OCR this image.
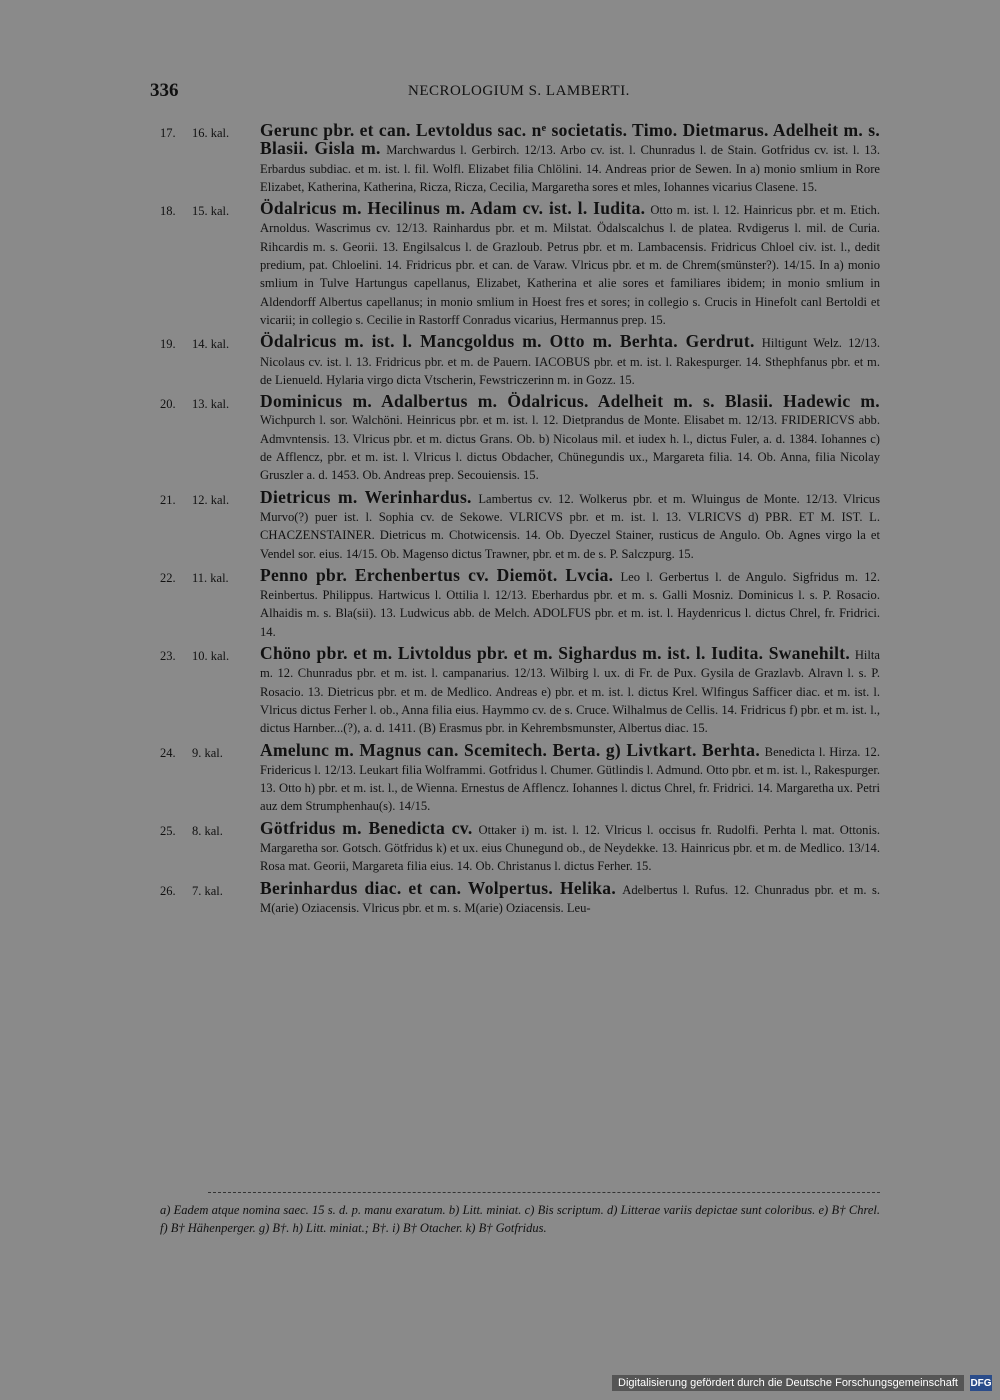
336	NECROLOGIUM S. LAMBERTI.
17.	16. kal.	Gerunc pbr. et can. Levtoldus sac. nᵉ societatis. Timo. Dietmarus. Adelheit m. s. Blasii. Gisla m. Marchwardus l. Gerbirch. 12/13. Arbo cv. ist. l. Chunradus l. de Stain. Gotfridus cv. ist. l. 13. Erbardus subdiac. et m. ist. l. fil. Wolfl. Elizabet filia Chlölini. 14. Andreas prior de Sewen. In a) monio smlium in Rore Elizabet, Katherina, Katherina, Ricza, Ricza, Cecilia, Margaretha sores et mles, Iohannes vicarius Clasene. 15.
18.	15. kal.	Ödalricus m. Hecilinus m. Adam cv. ist. l. Iudita. Otto m. ist. l. 12. Hainricus pbr. et m. Etich. Arnoldus. Wascrimus cv. 12/13. Rainhardus pbr. et m. Milstat. Ödalscalchus l. de platea. Rvdigerus l. mil. de Curia. Rihcardis m. s. Georii. 13. Engilsalcus l. de Grazloub. Petrus pbr. et m. Lambacensis. Fridricus Chloel civ. ist. l., dedit predium, pat. Chloelini. 14. Fridricus pbr. et can. de Varaw. Vlricus pbr. et m. de Chrem(smünster?). 14/15. In a) monio smlium in Tulve Hartungus capellanus, Elizabet, Katherina et alie sores et familiares ibidem; in monio smlium in Aldendorff Albertus capellanus; in monio smlium in Hoest fres et sores; in collegio s. Crucis in Hinefolt canl Bertoldi et vicarii; in collegio s. Cecilie in Rastorff Conradus vicarius, Hermannus prep. 15.
19.	14. kal.	Ödalricus m. ist. l. Mancgoldus m. Otto m. Berhta. Gerdrut. Hiltigunt Welz. 12/13. Nicolaus cv. ist. l. 13. Fridricus pbr. et m. de Pauern. IACOBUS pbr. et m. ist. l. Rakespurger. 14. Sthephfanus pbr. et m. de Lienueld. Hylaria virgo dicta Vtscherin, Fewstriczerinn m. in Gozz. 15.
20.	13. kal.	Dominicus m. Adalbertus m. Ödalricus. Adelheit m. s. Blasii. Hadewic m. Wichpurch l. sor. Walchöni. Heinricus pbr. et m. ist. l. 12. Dietprandus de Monte. Elisabet m. 12/13. FRIDERICVS abb. Admvntensis. 13. Vlricus pbr. et m. dictus Grans. Ob. b) Nicolaus mil. et iudex h. l., dictus Fuler, a. d. 1384. Iohannes c) de Afflencz, pbr. et m. ist. l. Vlricus l. dictus Obdacher, Chünegundis ux., Margareta filia. 14. Ob. Anna, filia Nicolay Gruszler a. d. 1453. Ob. Andreas prep. Secouiensis. 15.
21.	12. kal.	Dietricus m. Werinhardus. Lambertus cv. 12. Wolkerus pbr. et m. Wluingus de Monte. 12/13. Vlricus Murvo(?) puer ist. l. Sophia cv. de Sekowe. VLRICVS pbr. et m. ist. l. 13. VLRICVS d) PBR. ET M. IST. L. CHACZENSTAINER. Dietricus m. Chotwicensis. 14. Ob. Dyeczel Stainer, rusticus de Angulo. Ob. Agnes virgo la et Vendel sor. eius. 14/15. Ob. Magenso dictus Trawner, pbr. et m. de s. P. Salczpurg. 15.
22.	11. kal.	Penno pbr. Erchenbertus cv. Diemöt. Lvcia. Leo l. Gerbertus l. de Angulo. Sigfridus m. 12. Reinbertus. Philippus. Hartwicus l. Ottilia l. 12/13. Eberhardus pbr. et m. s. Galli Mosniz. Dominicus l. s. P. Rosacio. Alhaidis m. s. Bla(sii). 13. Ludwicus abb. de Melch. ADOLFUS pbr. et m. ist. l. Haydenricus l. dictus Chrel, fr. Fridrici. 14.
23.	10. kal.	Chöno pbr. et m. Livtoldus pbr. et m. Sighardus m. ist. l. Iudita. Swanehilt. Hilta m. 12. Chunradus pbr. et m. ist. l. campanarius. 12/13. Wilbirg l. ux. di Fr. de Pux. Gysila de Grazlavb. Alravn l. s. P. Rosacio. 13. Dietricus pbr. et m. de Medlico. Andreas e) pbr. et m. ist. l. dictus Krel. Wlfingus Safficer diac. et m. ist. l. Vlricus dictus Ferher l. ob., Anna filia eius. Haymmo cv. de s. Cruce. Wilhalmus de Cellis. 14. Fridricus f) pbr. et m. ist. l., dictus Harnber...(?), a. d. 1411. (B) Erasmus pbr. in Kehrembsmunster, Albertus diac. 15.
24.	9. kal.	Amelunc m. Magnus can. Scemitech. Berta. g) Livtkart. Berhta. Benedicta l. Hirza. 12. Fridericus l. 12/13. Leukart filia Wolframmi. Gotfridus l. Chumer. Gütlindis l. Admund. Otto pbr. et m. ist. l., Rakespurger. 13. Otto h) pbr. et m. ist. l., de Wienna. Ernestus de Afflencz. Iohannes l. dictus Chrel, fr. Fridrici. 14. Margaretha ux. Petri auz dem Strumphenhau(s). 14/15.
25.	8. kal.	Götfridus m. Benedicta cv. Ottaker i) m. ist. l. 12. Vlricus l. occisus fr. Rudolfi. Perhta l. mat. Ottonis. Margaretha sor. Gotsch. Götfridus k) et ux. eius Chunegund ob., de Neydekke. 13. Hainricus pbr. et m. de Medlico. 13/14. Rosa mat. Georii, Margareta filia eius. 14. Ob. Christanus l. dictus Ferher. 15.
26.	7. kal.	Berinhardus diac. et can. Wolpertus. Helika. Adelbertus l. Rufus. 12. Chunradus pbr. et m. s. M(arie) Oziacensis. Vlricus pbr. et m. s. M(arie) Oziacensis. Leu-
a) Eadem atque nomina saec. 15 s. d. p. manu exaratum. b) Litt. miniat. c) Bis scriptum. d) Litterae variis depictae sunt coloribus. e) B† Chrel. f) B† Hähenperger. g) B†. h) Litt. miniat.; B†. i) B† Otacher. k) B† Gotfridus.
Digitalisierung gefördert durch die Deutsche Forschungsgemeinschaft	DFG
